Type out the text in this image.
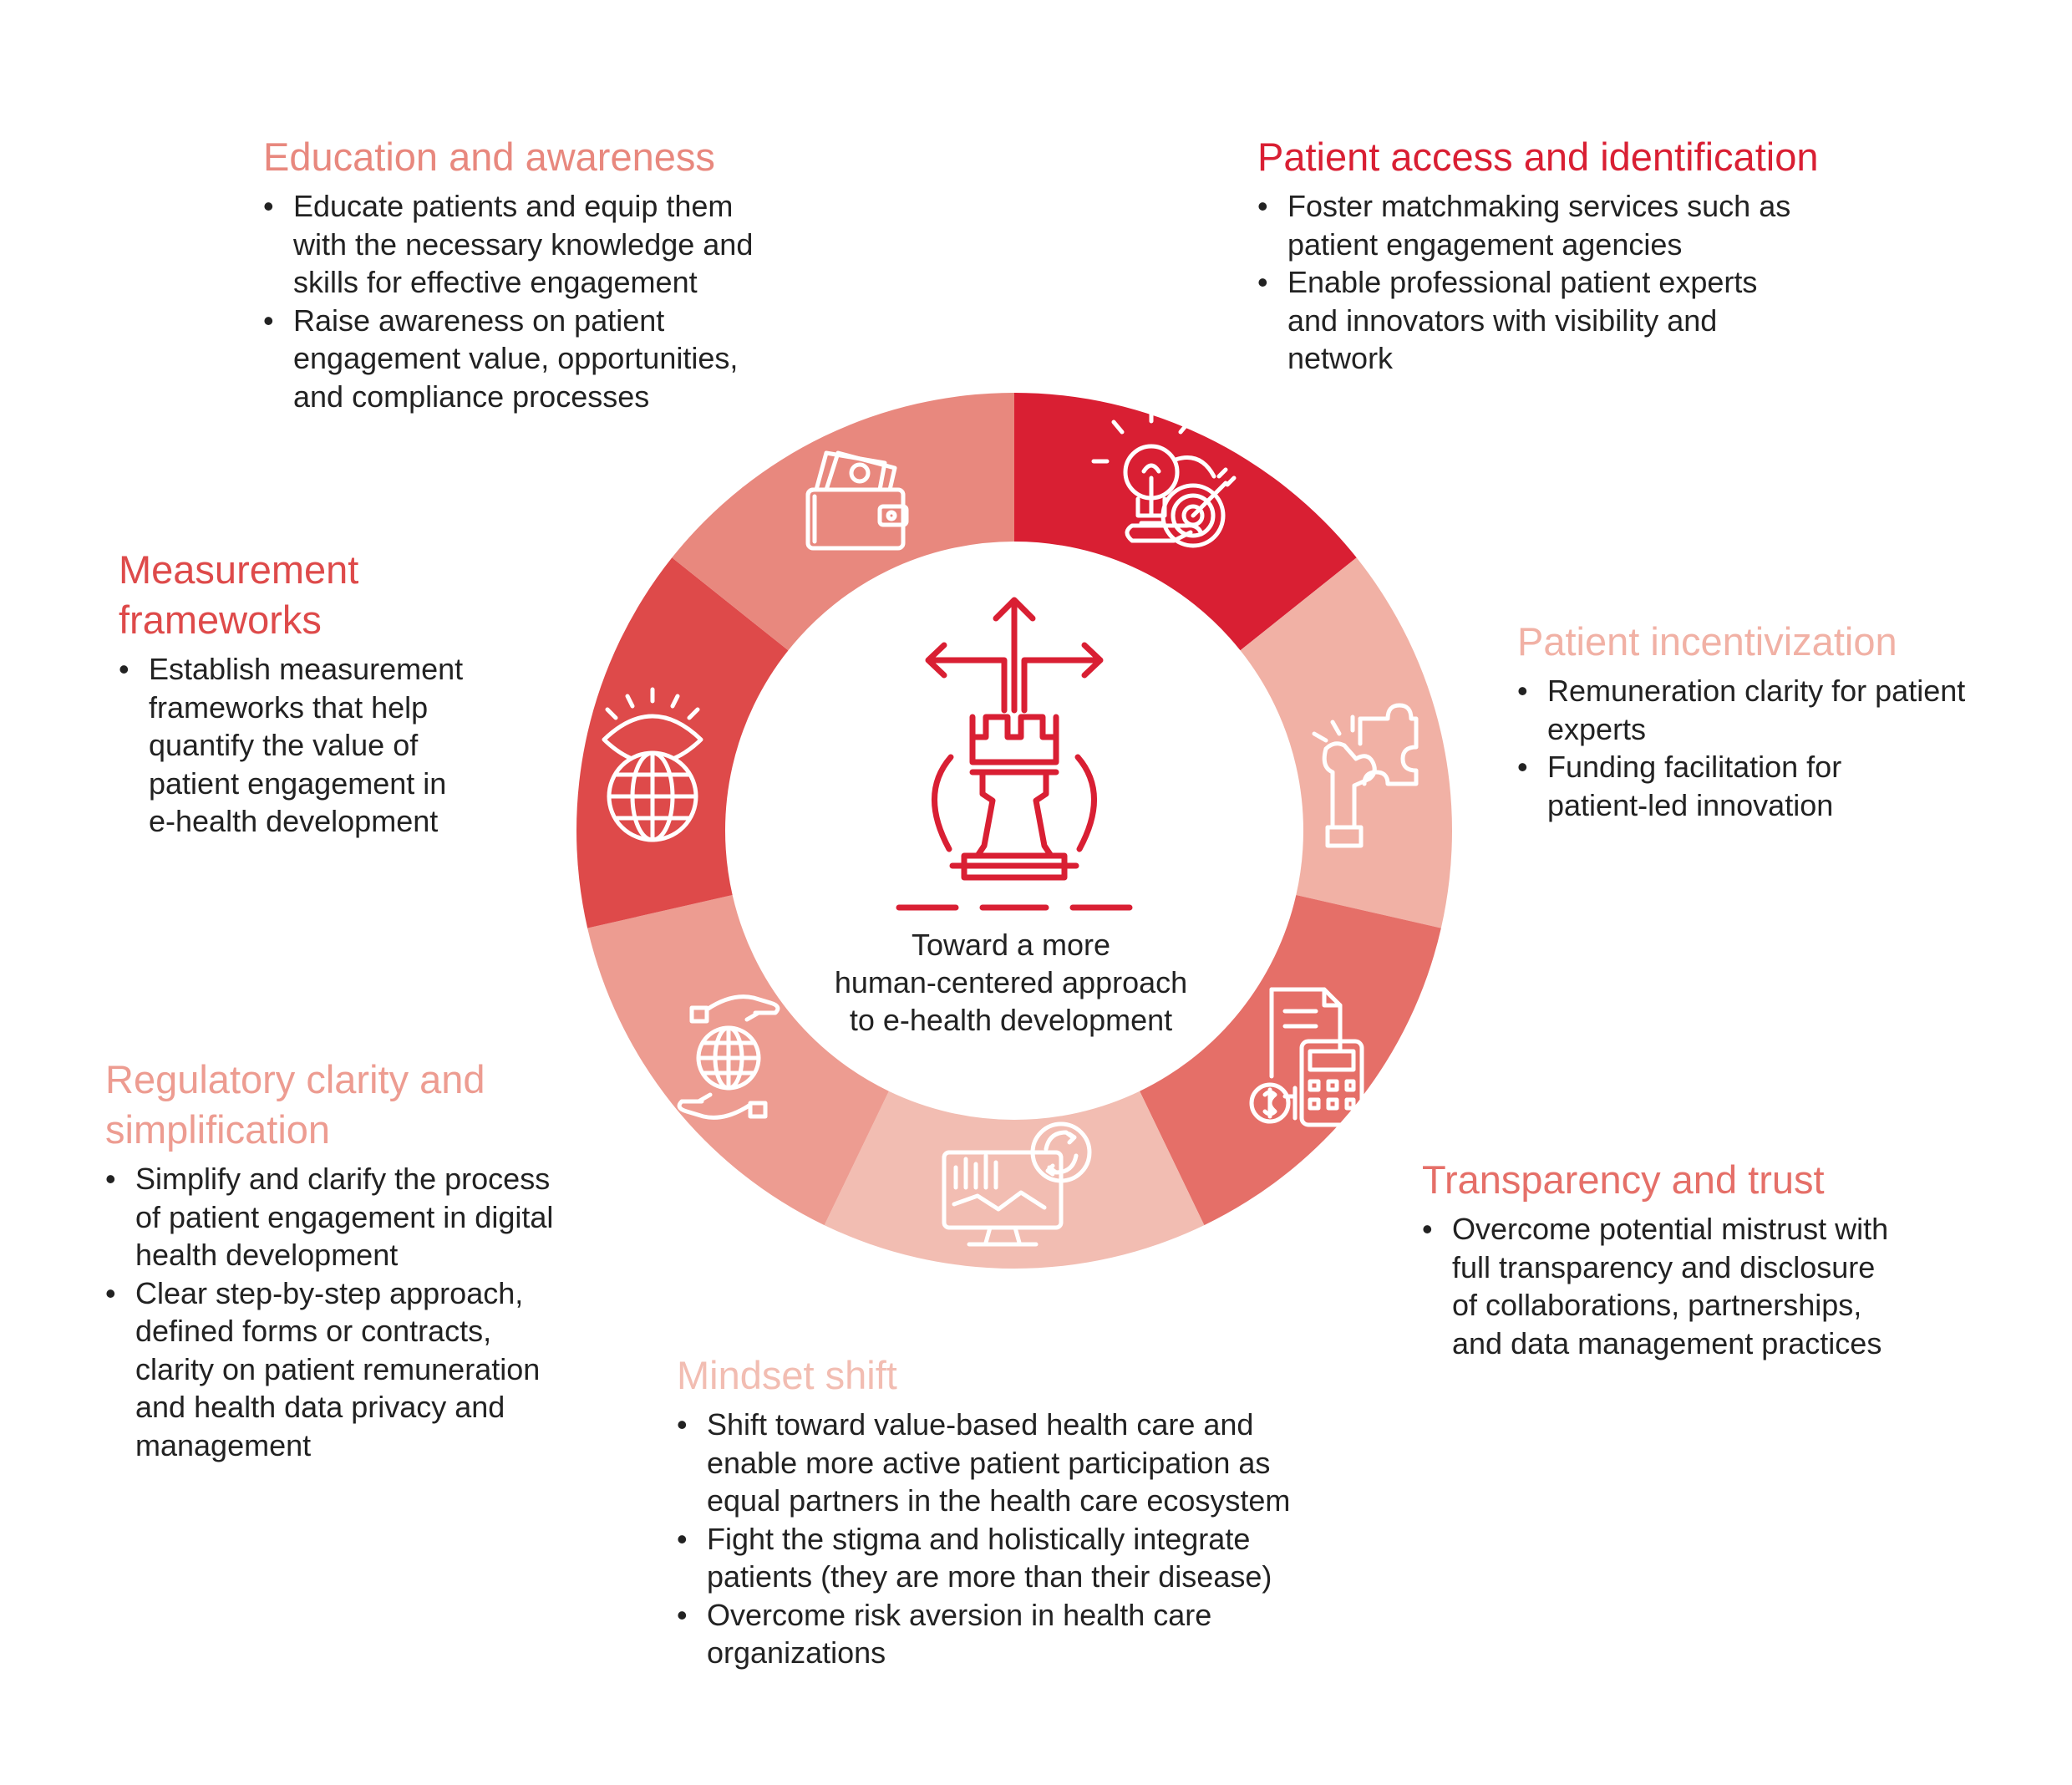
Toward a more
human-centered approach
to e-health development
Education and awareness
• Educate patients and equip them
with the necessary knowledge and
skills for effective engagement
• Raise awareness on patient
engagement value, opportunities,
and compliance processes
Patient access and identification
• Foster matchmaking services such as
patient engagement agencies
• Enable professional patient experts
and innovators with visibility and
network
Measurement
frameworks
• Establish measurement
frameworks that help
quantify the value of
patient engagement in
e-health development
Patient incentivization
• Remuneration clarity for patient
experts
• Funding facilitation for
patient-led innovation
Regulatory clarity and
simplification
• Simplify and clarify the process
of patient engagement in digital
health development
• Clear step-by-step approach,
defined forms or contracts,
clarity on patient remuneration
and health data privacy and
management
Transparency and trust
• Overcome potential mistrust with
full transparency and disclosure
of collaborations, partnerships,
and data management practices
Mindset shift
• Shift toward value-based health care and
enable more active patient participation as
equal partners in the health care ecosystem
• Fight the stigma and holistically integrate
patients (they are more than their disease)
• Overcome risk aversion in health care
organizations
